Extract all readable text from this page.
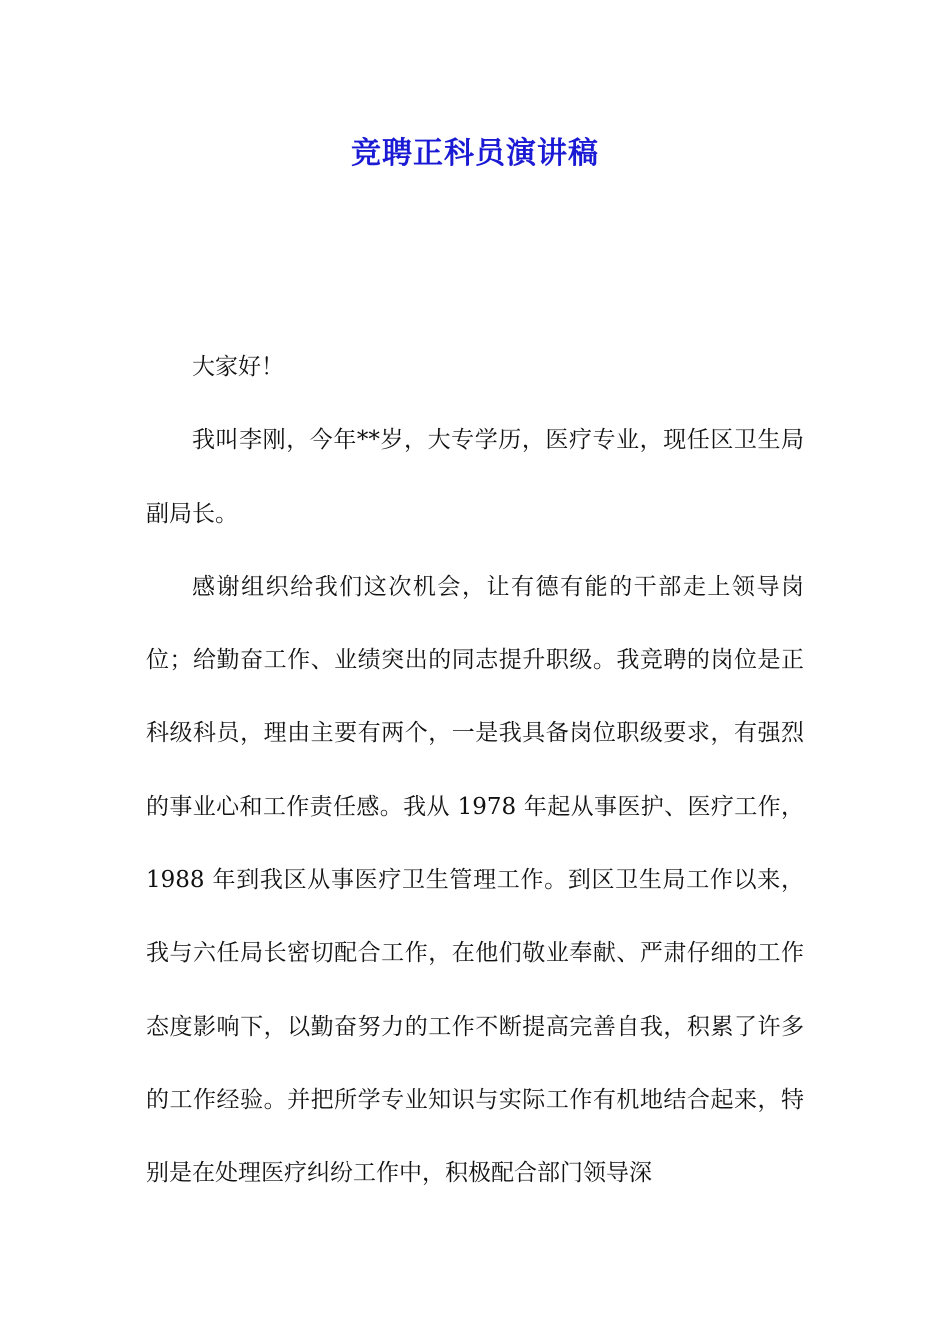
竞聘正科员演讲稿

大家好！

我叫李刚，今年**岁，大专学历，医疗专业，现任区卫生局副局长。

感谢组织给我们这次机会，让有德有能的干部走上领导岗位；给勤奋工作、业绩突出的同志提升职级。我竞聘的岗位是正科级科员，理由主要有两个，一是我具备岗位职级要求，有强烈的事业心和工作责任感。我从 1978 年起从事医护、医疗工作，1988 年到我区从事医疗卫生管理工作。到区卫生局工作以来，我与六任局长密切配合工作，在他们敬业奉献、严肃仔细的工作态度影响下，以勤奋努力的工作不断提高完善自我，积累了许多的工作经验。并把所学专业知识与实际工作有机地结合起来，特别是在处理医疗纠纷工作中，积极配合部门领导深
